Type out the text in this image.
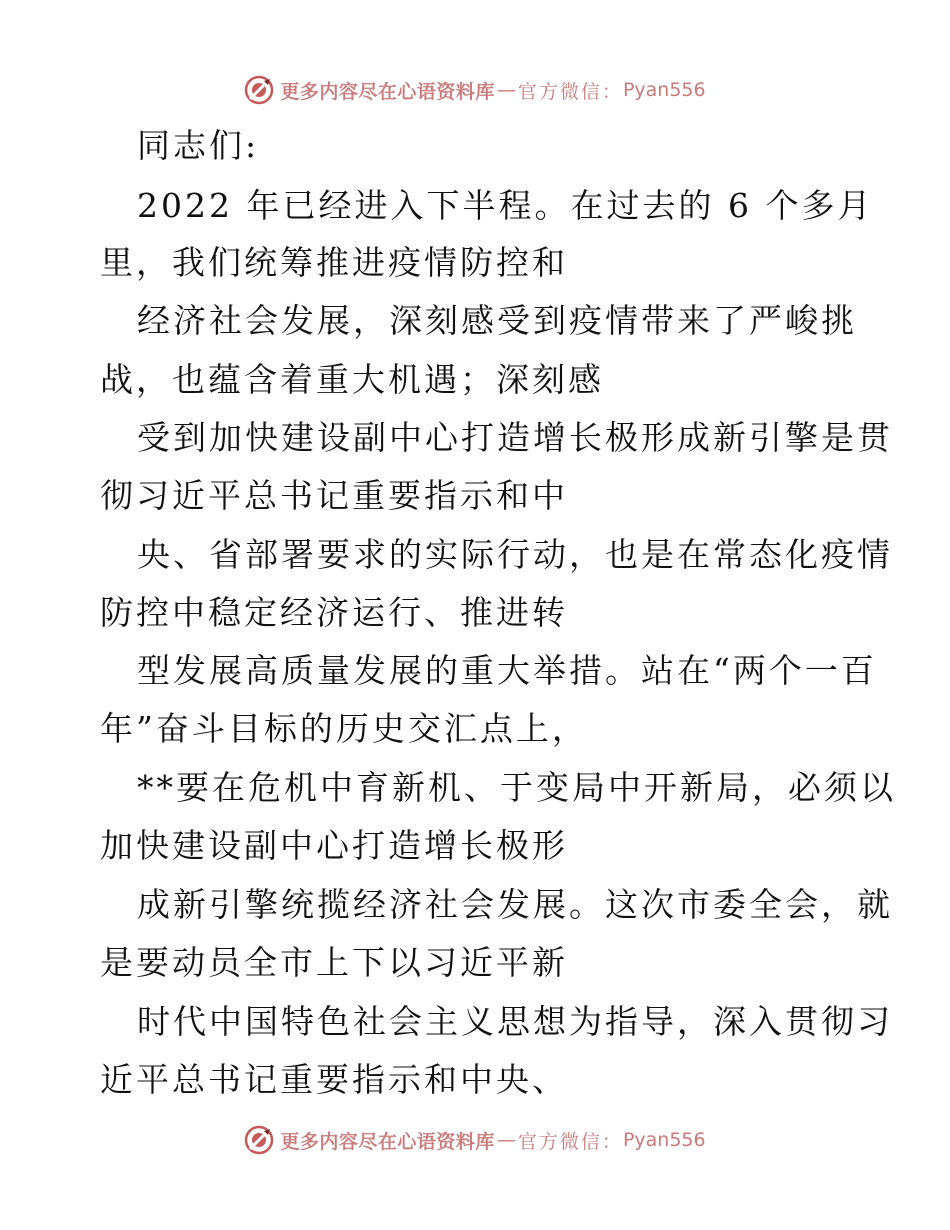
更多内容尽在心语资料库 — 官方微信： Pyan556
同志们:
2022 年已经进入下半程。在过去的 6 个多月
里，我们统筹推进疫情防控和
经济社会发展，深刻感受到疫情带来了严峻挑
战，也蕴含着重大机遇；深刻感
受到加快建设副中心打造增长极形成新引擎是贯
彻习近平总书记重要指示和中
央、省部署要求的实际行动，也是在常态化疫情
防控中稳定经济运行、推进转
型发展高质量发展的重大举措。站在“两个一百
年”奋斗目标的历史交汇点上，
**要在危机中育新机、于变局中开新局，必须以
加快建设副中心打造增长极形
成新引擎统揽经济社会发展。这次市委全会，就
是要动员全市上下以习近平新
时代中国特色社会主义思想为指导，深入贯彻习
近平总书记重要指示和中央、
更多内容尽在心语资料库 — 官方微信： Pyan556
